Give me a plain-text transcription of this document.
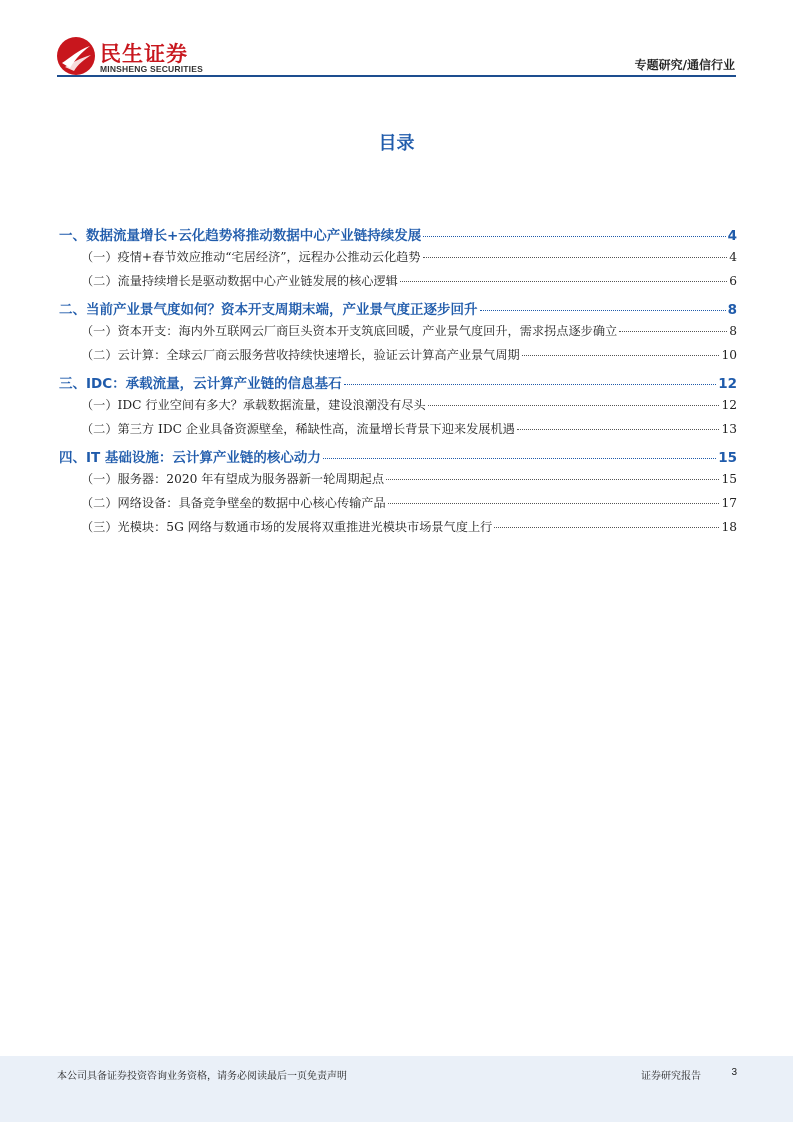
民生证券
MINSHENG SECURITIES	专题研究/通信行业
目录
一、数据流量增长+云化趋势将推动数据中心产业链持续发展	4
（一）疫情+春节效应推动“宅居经济”，远程办公推动云化趋势	4
（二）流量持续增长是驱动数据中心产业链发展的核心逻辑	6
二、当前产业景气度如何？资本开支周期末端，产业景气度正逐步回升	8
（一）资本开支：海内外互联网云厂商巨头资本开支筑底回暖，产业景气度回升，需求拐点逐步确立	8
（二）云计算：全球云厂商云服务营收持续快速增长，验证云计算高产业景气周期	10
三、IDC：承载流量，云计算产业链的信息基石	12
（一）IDC 行业空间有多大？承载数据流量，建设浪潮没有尽头	12
（二）第三方 IDC 企业具备资源壁垒，稀缺性高，流量增长背景下迎来发展机遇	13
四、IT 基础设施：云计算产业链的核心动力	15
（一）服务器：2020 年有望成为服务器新一轮周期起点	15
（二）网络设备：具备竞争壁垒的数据中心核心传输产品	17
（三）光模块：5G 网络与数通市场的发展将双重推进光模块市场景气度上行	18
本公司具备证券投资咨询业务资格，请务必阅读最后一页免责声明	证券研究报告	3
